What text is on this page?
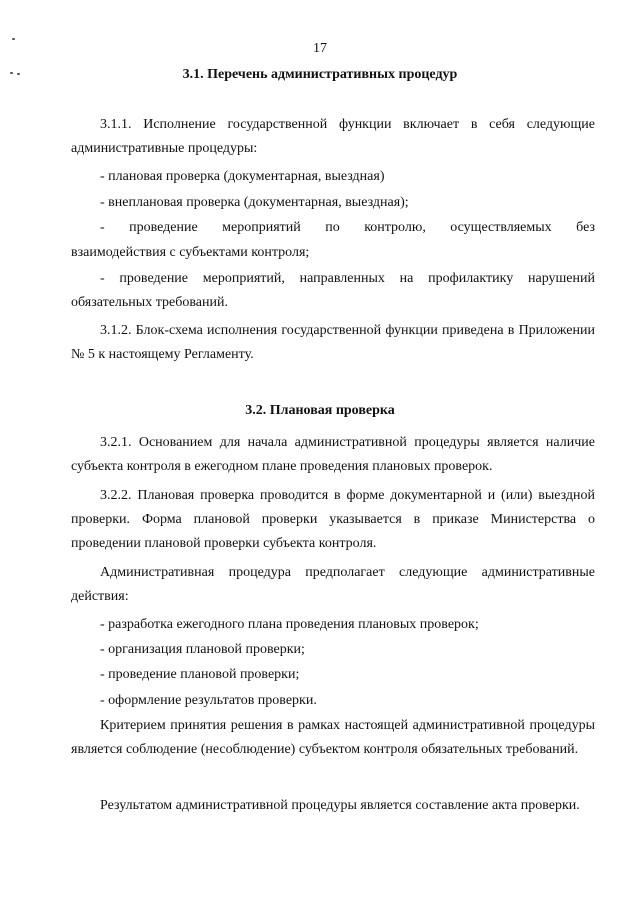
17
3.1. Перечень административных процедур

3.1.1. Исполнение государственной функции включает в себя следующие административные процедуры:

- плановая проверка (документарная, выездная)

- внеплановая проверка (документарная, выездная);

- проведение мероприятий по контролю, осуществляемых без

взаимодействия с субъектами контроля;

- проведение мероприятий, направленных на профилактику нарушений обязательных требований.

3.1.2. Блок-схема исполнения государственной функции приведена в Приложении № 5 к настоящему Регламенту.

3.2. Плановая проверка

3.2.1. Основанием для начала административной процедуры является наличие субъекта контроля в ежегодном плане проведения плановых проверок.

3.2.2. Плановая проверка проводится в форме документарной и (или) выездной проверки. Форма плановой проверки указывается в приказе Министерства о проведении плановой проверки субъекта контроля.

Административная процедура предполагает следующие административные действия:

- разработка ежегодного плана проведения плановых проверок;

- организация плановой проверки;

- проведение плановой проверки;

- оформление результатов проверки.

Критерием принятия решения в рамках настоящей административной процедуры является соблюдение (несоблюдение) субъектом контроля обязательных требований.

Результатом административной процедуры является составление акта проверки.
